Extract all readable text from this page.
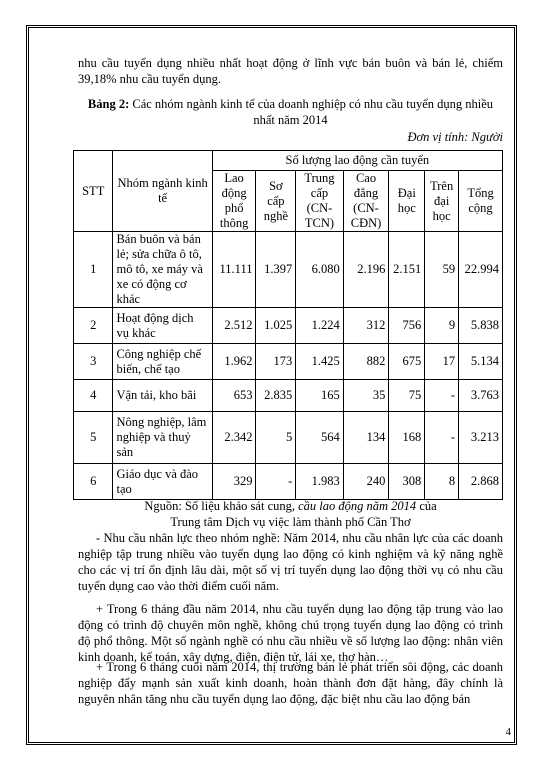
nhu cầu tuyển dụng nhiều nhất hoạt động ở lĩnh vực bán buôn và bán lẻ, chiếm 39,18% nhu cầu tuyển dụng.
Bảng 2: Các nhóm ngành kinh tế của doanh nghiệp có nhu cầu tuyển dụng nhiều nhất năm 2014
Đơn vị tính: Người
STT	Nhóm ngành kinh tế	Số lượng lao động cần tuyển						
		Lao động phổ thông	Sơ cấp nghề	Trung cấp (CN-TCN)	Cao đẳng (CN-CĐN)	Đại học	Trên đại học	Tổng cộng
1	Bán buôn và bán lẻ; sửa chữa ô tô, mô tô, xe máy và xe có động cơ khác	11.111	1.397	6.080	2.196	2.151	59	22.994
2	Hoạt động dịch vụ khác	2.512	1.025	1.224	312	756	9	5.838
3	Công nghiệp chế biến, chế tạo	1.962	173	1.425	882	675	17	5.134
4	Vận tải, kho bãi	653	2.835	165	35	75	-	3.763
5	Nông nghiệp, lâm nghiệp và thuỷ sản	2.342	5	564	134	168	-	3.213
6	Giáo dục và đào tạo	329	-	1.983	240	308	8	2.868
Nguồn: Số liệu khảo sát cung, cầu lao động năm 2014 của
Trung tâm Dịch vụ việc làm thành phố Cần Thơ
- Nhu cầu nhân lực theo nhóm nghề: Năm 2014, nhu cầu nhân lực của các doanh nghiệp tập trung nhiều vào tuyển dụng lao động có kinh nghiệm và kỹ năng nghề cho các vị trí ổn định lâu dài, một số vị trí tuyển dụng lao động thời vụ có nhu cầu tuyển dụng cao vào thời điểm cuối năm.
+ Trong 6 tháng đầu năm 2014, nhu cầu tuyển dụng lao động tập trung vào lao động có trình độ chuyên môn nghề, không chú trọng tuyển dụng lao động có trình độ phổ thông. Một số ngành nghề có nhu cầu nhiều về số lượng lao động: nhân viên kinh doanh, kế toán, xây dựng, điện, điện tử, lái xe, thợ hàn…
+ Trong 6 tháng cuối năm 2014, thị trường bán lẻ phát triển sôi động, các doanh nghiệp đẩy mạnh sản xuất kinh doanh, hoàn thành đơn đặt hàng, đây chính là nguyên nhân tăng nhu cầu tuyển dụng lao động, đặc biệt nhu cầu lao động bán
4
